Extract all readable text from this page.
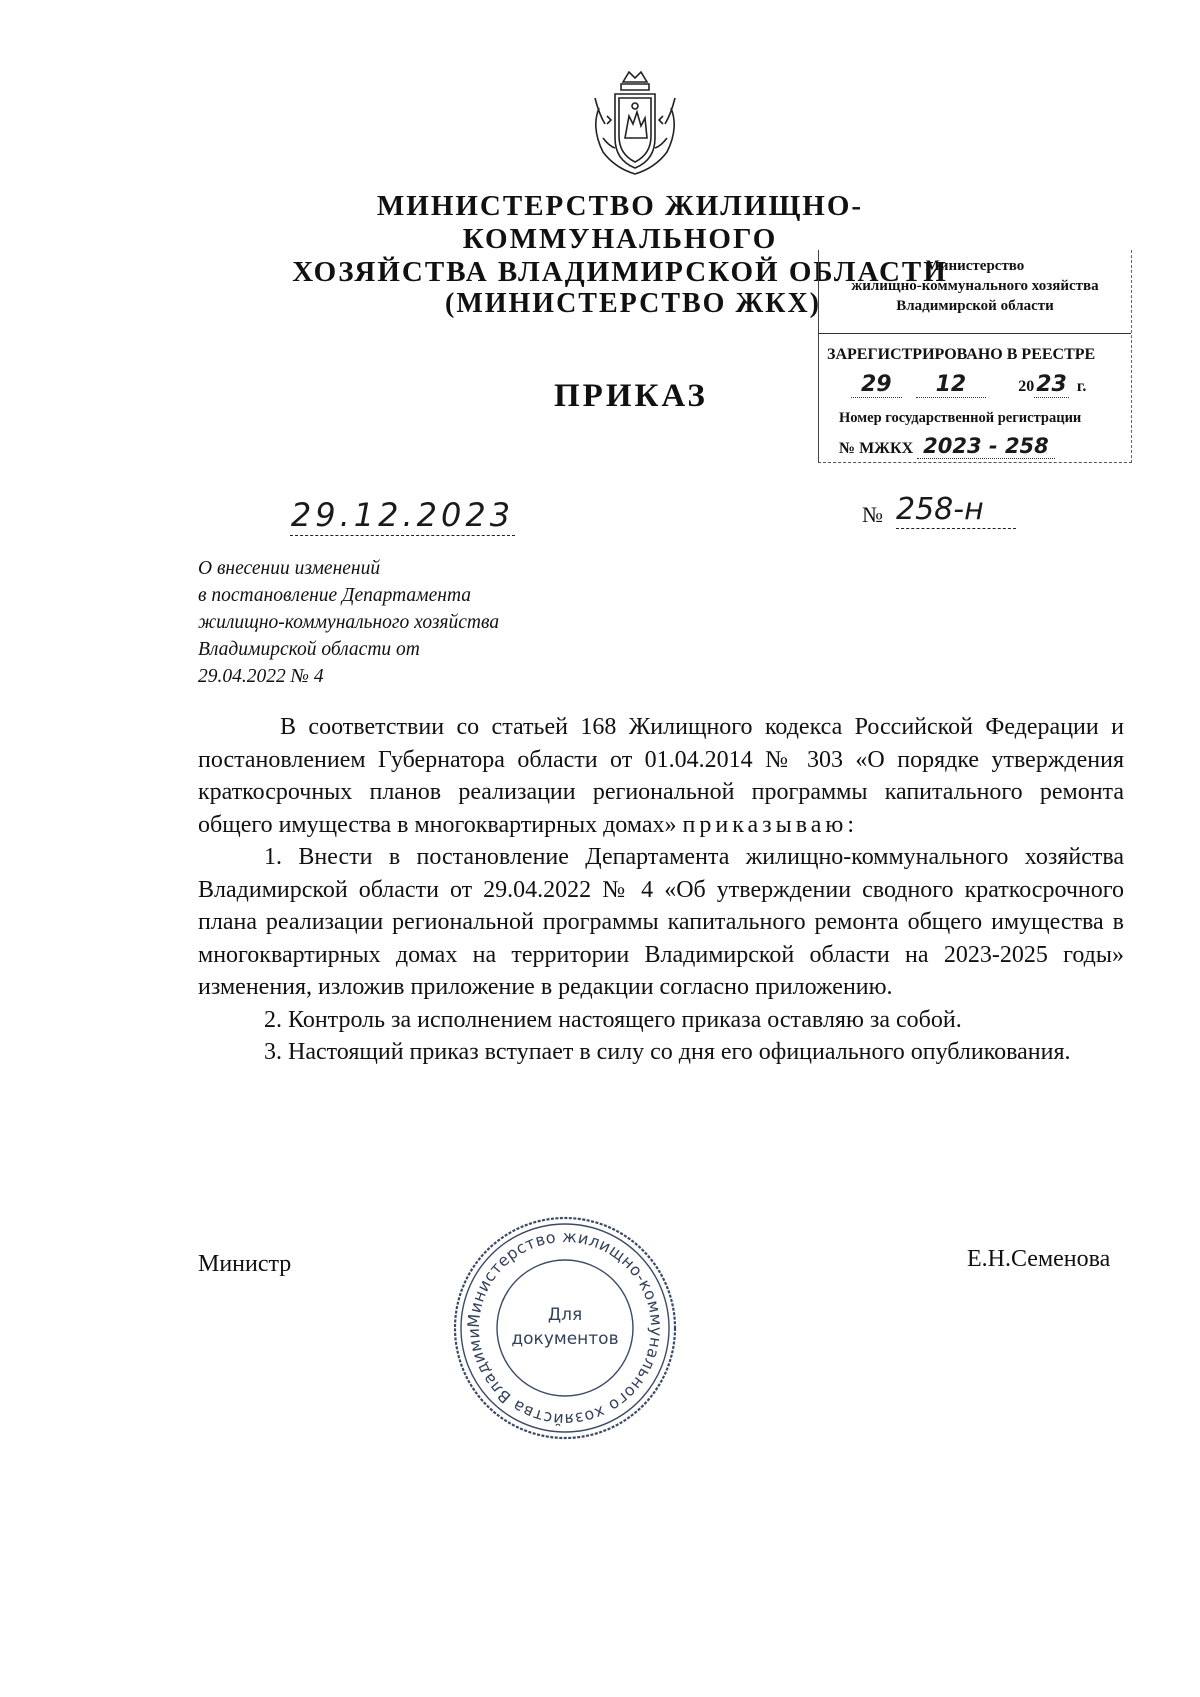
МИНИСТЕРСТВО ЖИЛИЩНО-КОММУНАЛЬНОГО
ХОЗЯЙСТВА ВЛАДИМИРСКОЙ ОБЛАСТИ
(МИНИСТЕРСТВО ЖКХ)
ПРИКАЗ
Министерство
жилищно-коммунального хозяйства
Владимирской области
ЗАРЕГИСТРИРОВАНО В РЕЕСТРЕ
29 12	2023 г.
Номер государственной регистрации
№ МЖКХ 2023 - 258
29.12.2023	№ 258-н
О внесении изменений
в постановление Департамента
жилищно-коммунального хозяйства
Владимирской области от
29.04.2022 № 4

В соответствии со статьей 168 Жилищного кодекса Российской Федерации и постановлением Губернатора области от 01.04.2014 № 303 «О порядке утверждения краткосрочных планов реализации региональной программы капитального ремонта общего имущества в многоквартирных домах» приказываю:

1. Внести в постановление Департамента жилищно-коммунального хозяйства Владимирской области от 29.04.2022 № 4 «Об утверждении сводного краткосрочного плана реализации региональной программы капитального ремонта общего имущества в многоквартирных домах на территории Владимирской области на 2023-2025 годы» изменения, изложив приложение в редакции согласно приложению.

2. Контроль за исполнением настоящего приказа оставляю за собой.

3. Настоящий приказ вступает в силу со дня его официального опубликования.

Министр	Е.Н.Семенова
Министерство жилищно-коммунального хозяйства Владими
Для
документов
